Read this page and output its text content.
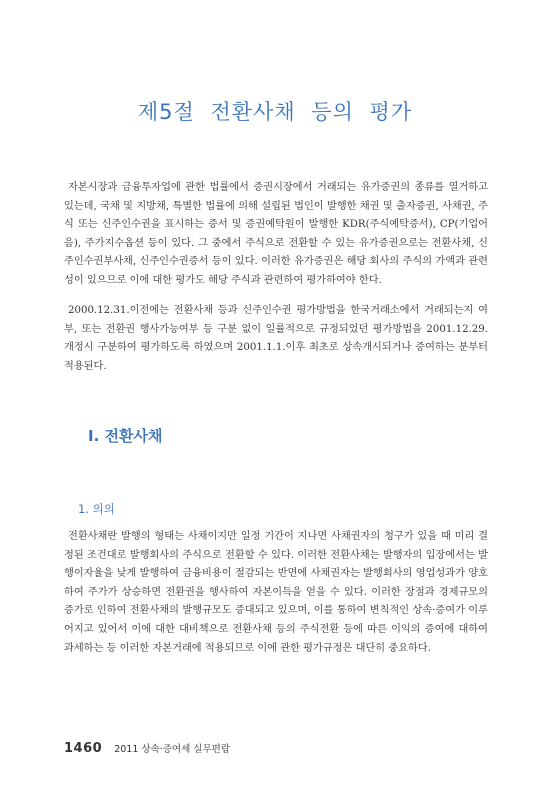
제5절 전환사채 등의 평가

자본시장과 금융투자업에 관한 법률에서 증권시장에서 거래되는 유가증권의 종류를 열거하고 있는데, 국채 및 지방채, 특별한 법률에 의해 설립된 법인이 발행한 채권 및 출자증권, 사채권, 주식 또는 신주인수권을 표시하는 증서 및 증권예탁원이 발행한 KDR(주식예탁증서), CP(기업어음), 주가지수옵션 등이 있다. 그 중에서 주식으로 전환할 수 있는 유가증권으로는 전환사채, 신주인수권부사채, 신주인수권증서 등이 있다. 이러한 유가증권은 해당 회사의 주식의 가액과 관련성이 있으므로 이에 대한 평가도 해당 주식과 관련하여 평가하여야 한다.

2000.12.31.이전에는 전환사채 등과 신주인수권 평가방법을 한국거래소에서 거래되는지 여부, 또는 전환권 행사가능여부 등 구분 없이 일률적으로 규정되었던 평가방법을 2001.12.29. 개정시 구분하여 평가하도록 하였으며 2001.1.1.이후 최초로 상속개시되거나 증여하는 분부터 적용된다.

Ⅰ. 전환사채
1. 의의

전환사채란 발행의 형태는 사채이지만 일정 기간이 지나면 사채권자의 청구가 있을 때 미리 결정된 조건대로 발행회사의 주식으로 전환할 수 있다. 이러한 전환사채는 발행자의 입장에서는 발행이자율을 낮게 발행하여 금융비용이 절감되는 반면에 사채권자는 발행회사의 영업성과가 양호하여 주가가 상승하면 전환권을 행사하여 자본이득을 얻을 수 있다. 이러한 장점과 경제규모의 증가로 인하여 전환사채의 발행규모도 증대되고 있으며, 이를 통하여 변칙적인 상속·증여가 이루어지고 있어서 이에 대한 대비책으로 전환사채 등의 주식전환 등에 따른 이익의 증여에 대하여 과세하는 등 이러한 자본거래에 적용되므로 이에 관한 평가규정은 대단히 중요하다.

1460 2011 상속·증여세 실무편람
